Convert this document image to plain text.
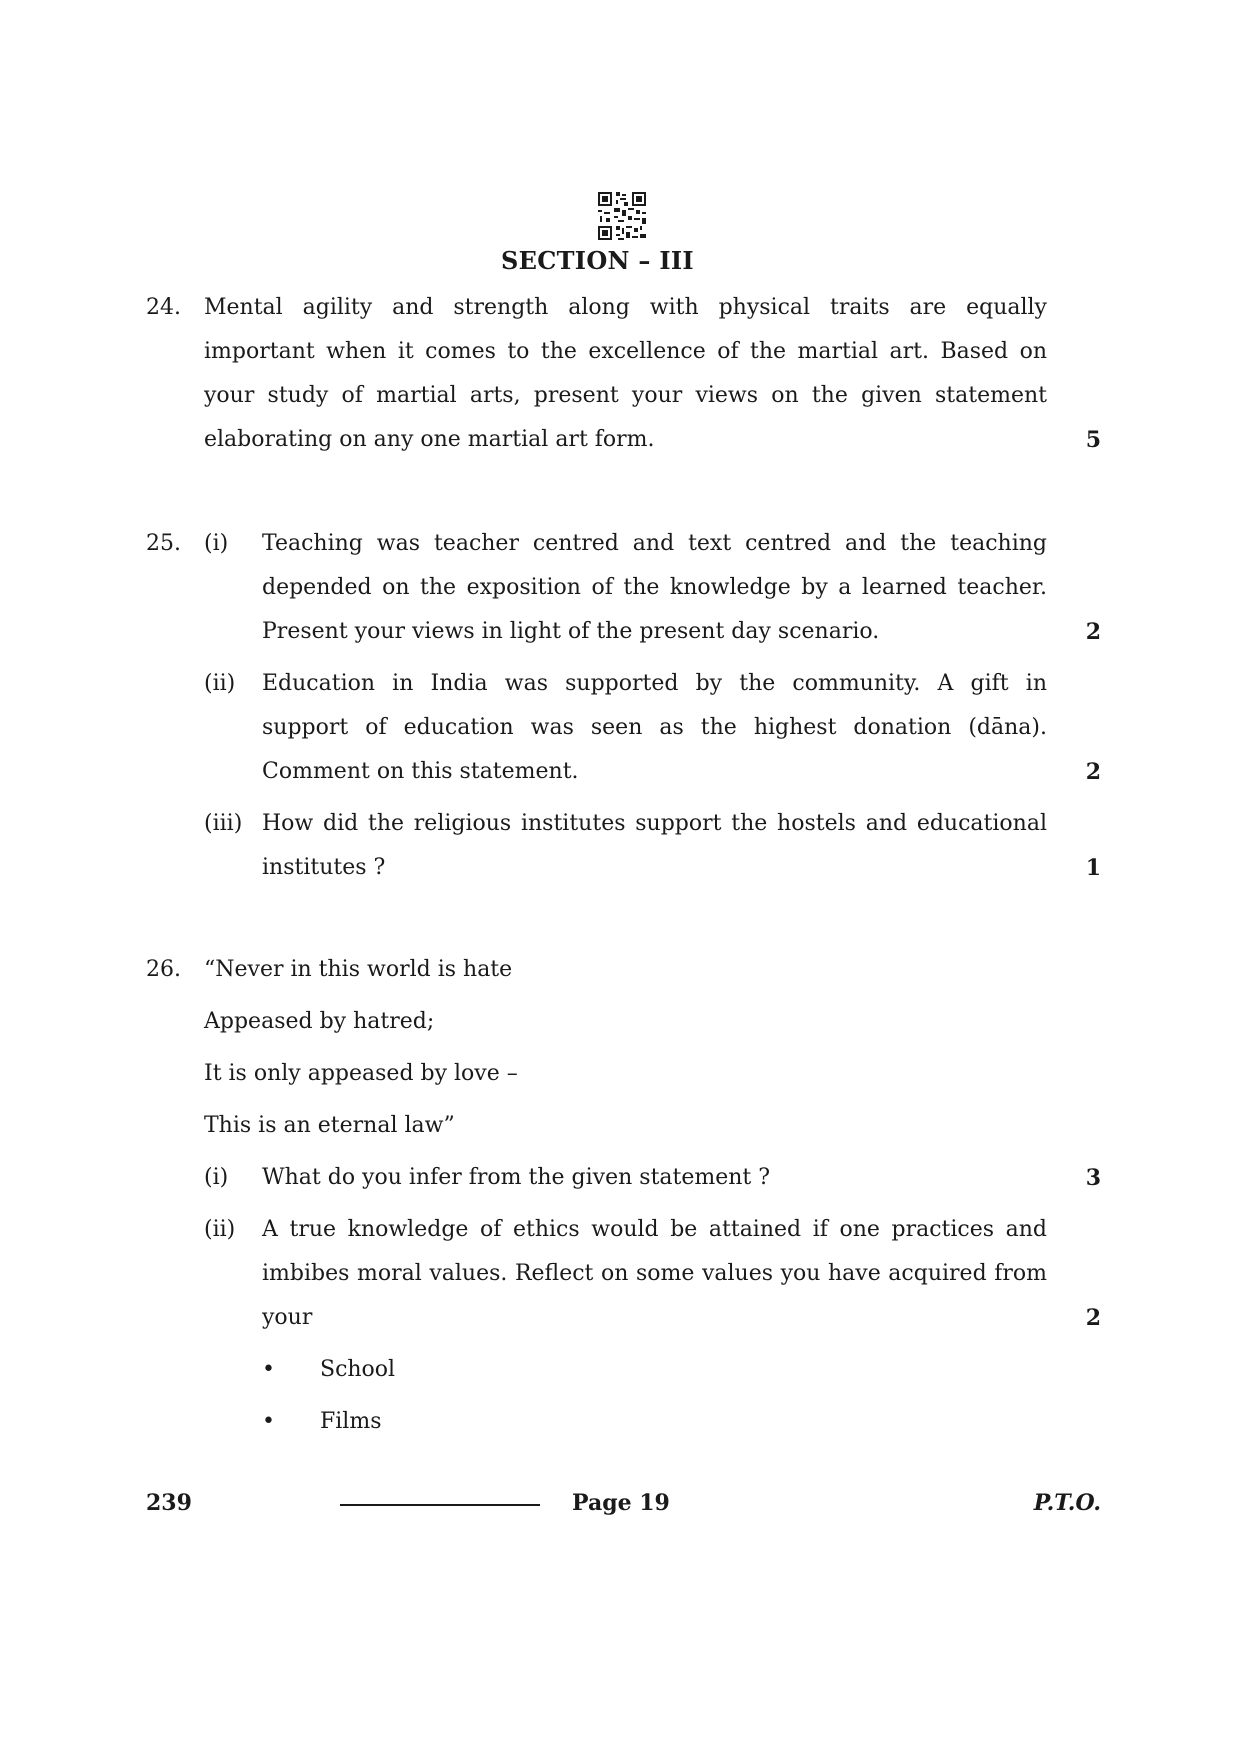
SECTION – III
24. Mental agility and strength along with physical traits are equally
important when it comes to the excellence of the martial art. Based on
your study of martial arts, present your views on the given statement
elaborating on any one martial art form.	5
25. (i) Teaching was teacher centred and text centred and the teaching
depended on the exposition of the knowledge by a learned teacher.
Present your views in light of the present day scenario.	2
(ii) Education in India was supported by the community. A gift in
support of education was seen as the highest donation (dāna).
Comment on this statement.	2
(iii) How did the religious institutes support the hostels and educational
institutes ?	1
26. “Never in this world is hate
Appeased by hatred;
It is only appeased by love –
This is an eternal law”
(i) What do you infer from the given statement ?	3
(ii) A true knowledge of ethics would be attained if one practices and
imbibes moral values. Reflect on some values you have acquired from
your	2
• School
• Films
239	Page 19	P.T.O.
